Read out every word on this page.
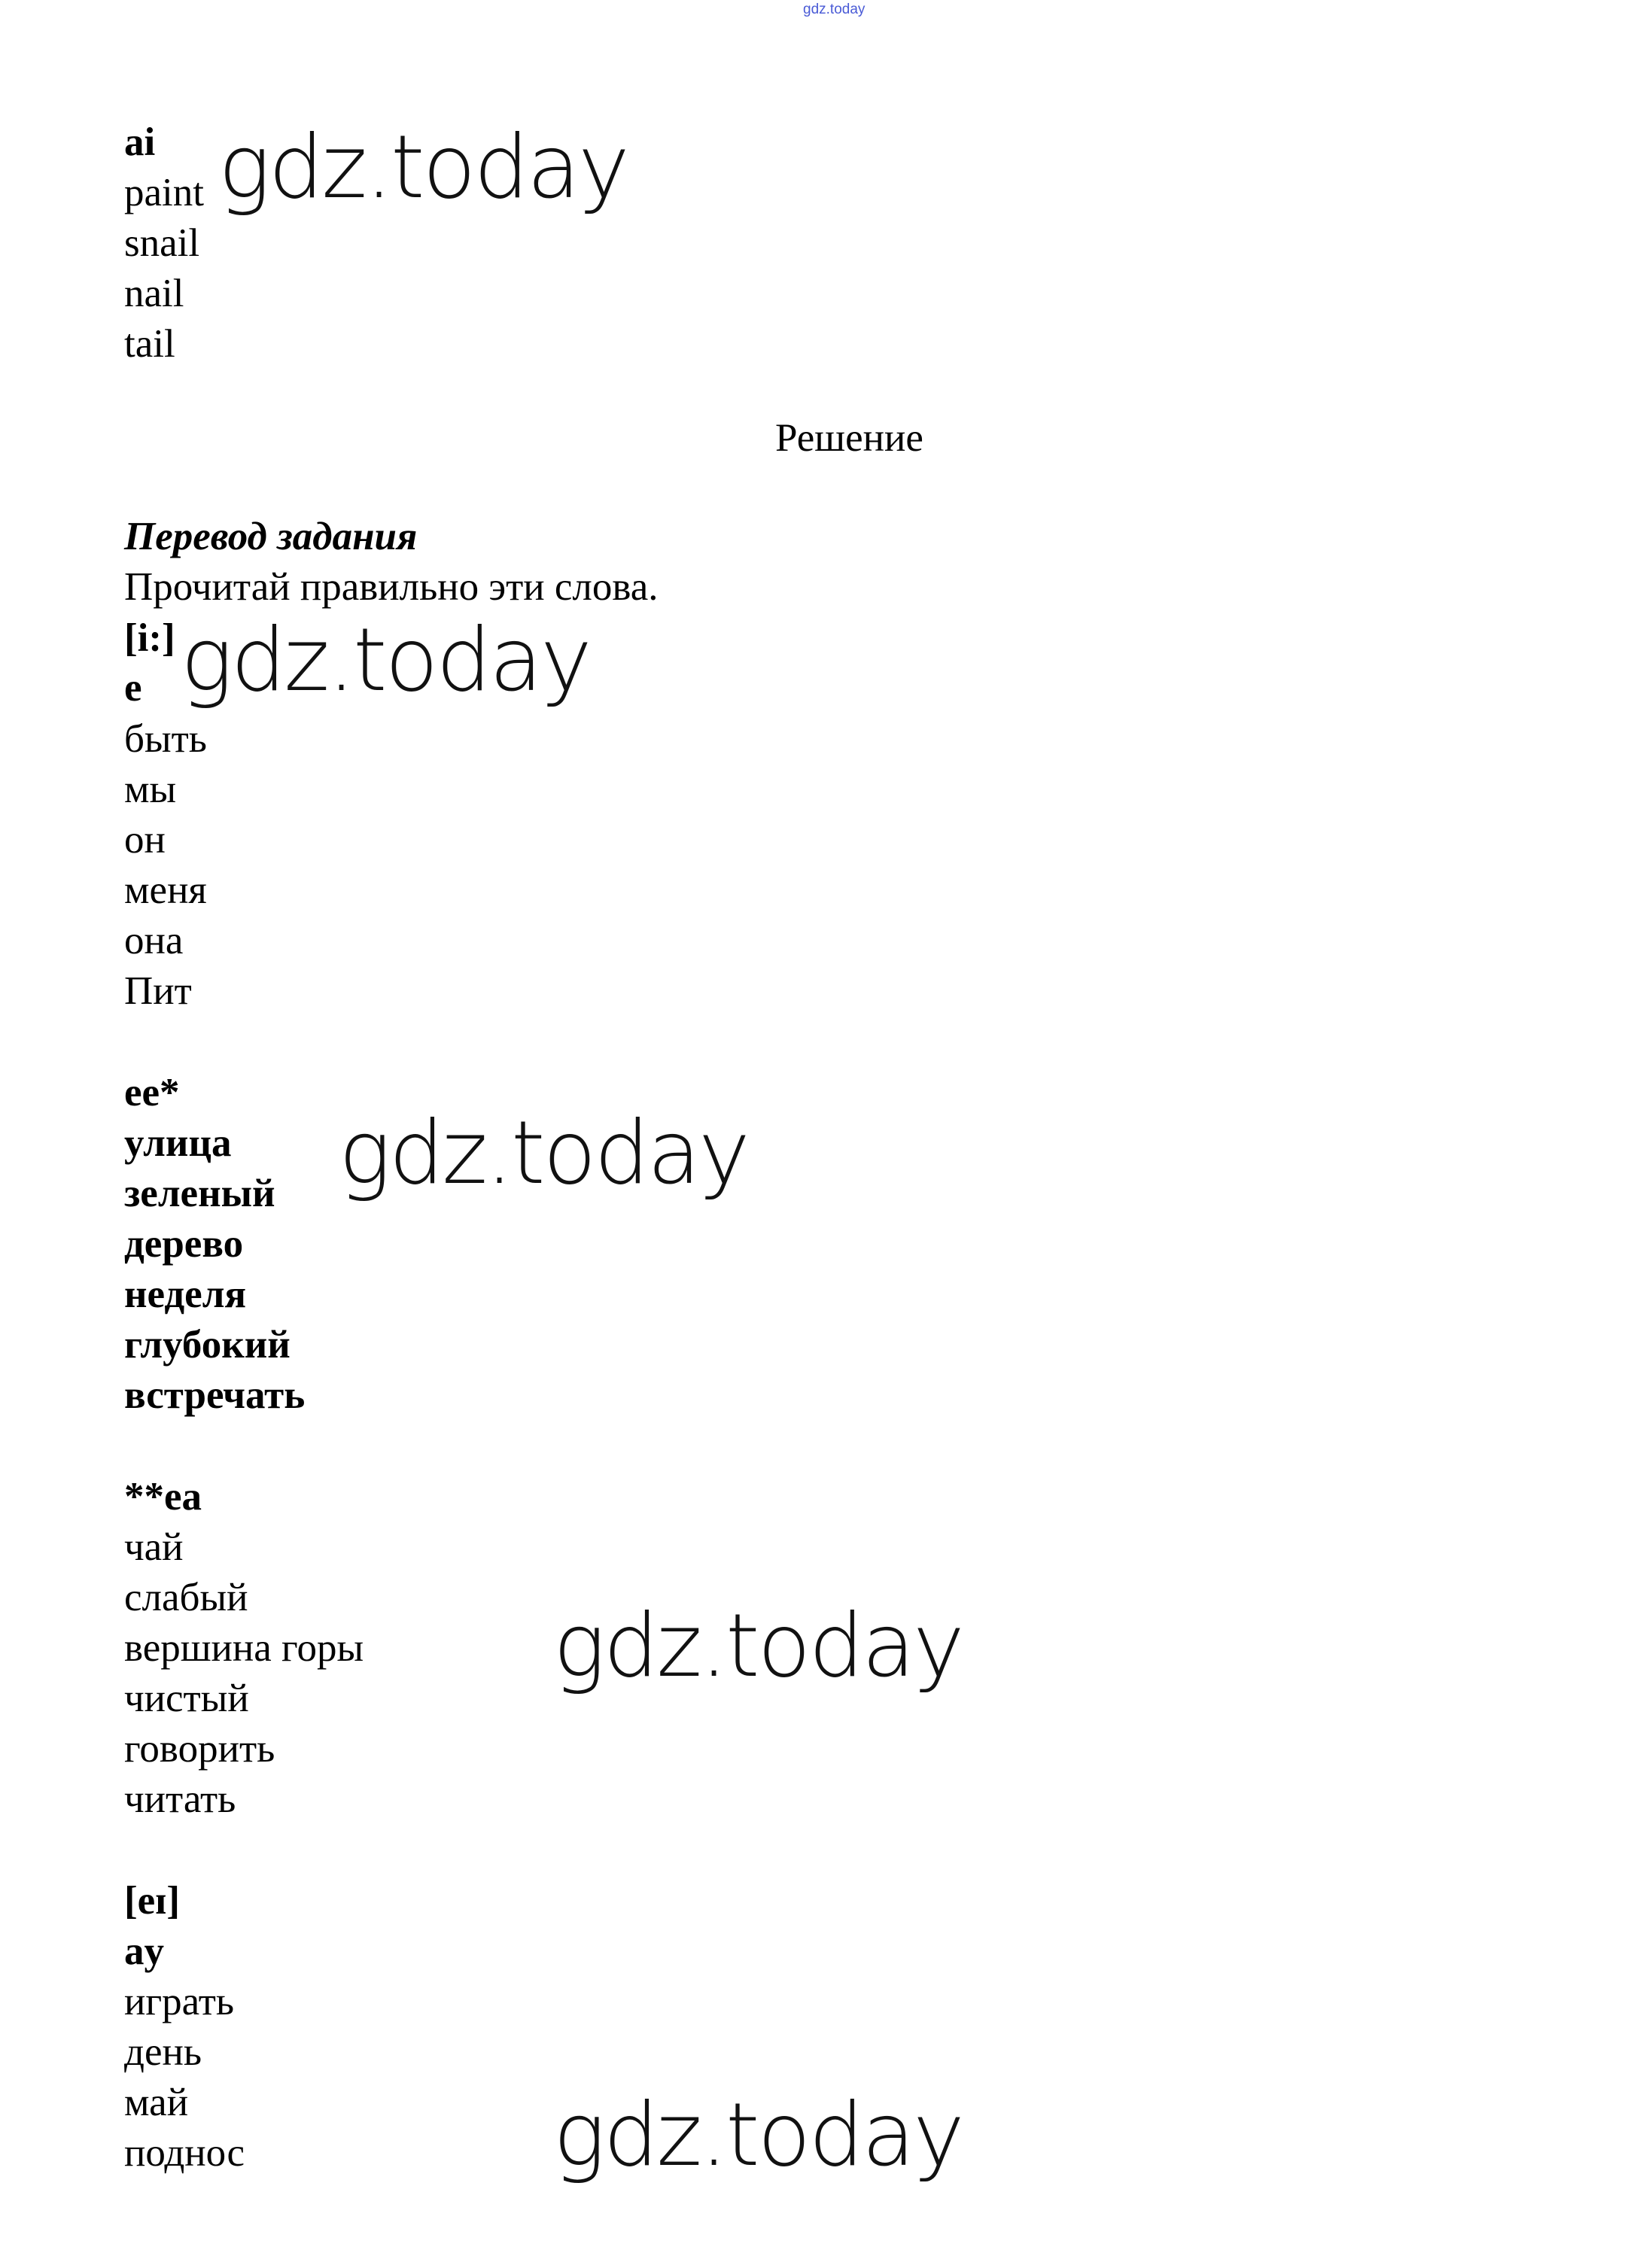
gdz.today
ai
paint
snail
nail
tail
gdz.today
Решение
Перевод задания
Прочитай правильно эти слова.
[i:]
e
быть
мы
он
меня
она
Пит
gdz.today
ee*
улица
зеленый
дерево
неделя
глубокий
встречать
gdz.today
**ea
чай
слабый
вершина горы
чистый
говорить
читать
gdz.today
[eɪ]
ay
играть
день
май
поднос	gdz.today
